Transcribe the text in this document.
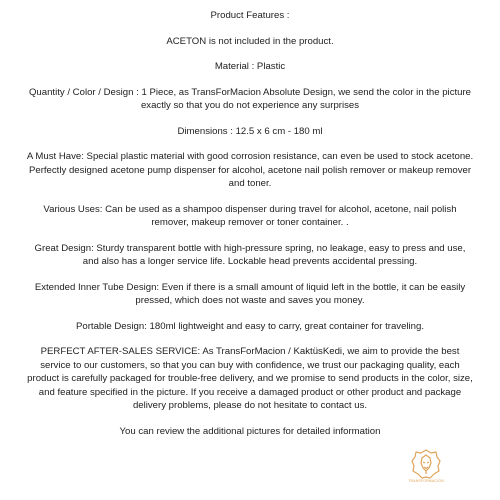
Product Features :

ACETON is not included in the product.

Material : Plastic

Quantity / Color / Design : 1 Piece, as TransForMacion Absolute Design, we send the color in the picture exactly so that you do not experience any surprises

Dimensions : 12.5 x 6 cm - 180 ml

A Must Have: Special plastic material with good corrosion resistance, can even be used to stock acetone. Perfectly designed acetone pump dispenser for alcohol, acetone nail polish remover or makeup remover and toner.

Various Uses: Can be used as a shampoo dispenser during travel for alcohol, acetone, nail polish remover, makeup remover or toner container. .

Great Design: Sturdy transparent bottle with high-pressure spring, no leakage, easy to press and use, and also has a longer service life. Lockable head prevents accidental pressing.

Extended Inner Tube Design: Even if there is a small amount of liquid left in the bottle, it can be easily pressed, which does not waste and saves you money.

Portable Design: 180ml lightweight and easy to carry, great container for traveling.

PERFECT AFTER-SALES SERVICE: As TransForMacion / KaktüsKedi, we aim to provide the best service to our customers, so that you can buy with confidence, we trust our packaging quality, each product is carefully packaged for trouble-free delivery, and we promise to send products in the color, size, and feature specified in the picture. If you receive a damaged product or other product and package delivery problems, please do not hesitate to contact us.

You can review the additional pictures for detailed information

TRANSFORMACION
